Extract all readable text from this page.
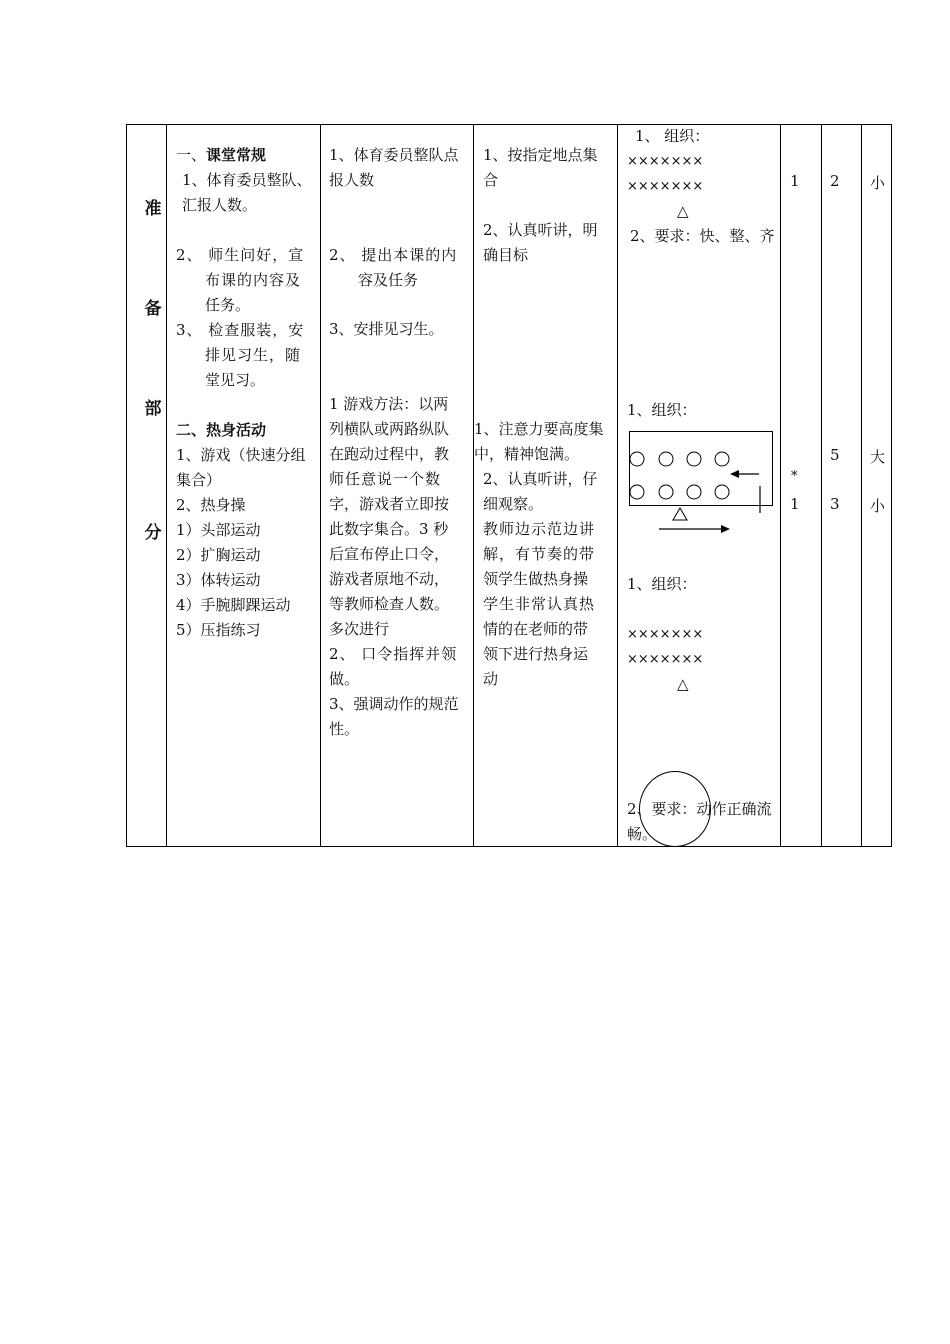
准
备
部
分

一、课堂常规

1、体育委员整队、

汇报人数。

2、 师生问好，宣

布课的内容及

任务。

3、 检查服装，安

排见习生，随

堂见习。

二、热身活动

1、游戏（快速分组

集合）

2、热身操

1）头部运动

2）扩胸运动

3）体转运动

4）手腕脚踝运动

5）压指练习

1、体育委员整队点

报人数

2、 提出本课的内

容及任务

3、安排见习生。

1 游戏方法：以两

列横队或两路纵队

在跑动过程中，教

师任意说一个数

字，游戏者立即按

此数字集合。3 秒

后宣布停止口令，

游戏者原地不动，

等教师检查人数。

多次进行

2、 口令指挥并领

做。

3、强调动作的规范

性。

1、按指定地点集

合

2、认真听讲，明

确目标

1、注意力要高度集

中，精神饱满。

2、认真听讲，仔

细观察。

教师边示范边讲

解，有节奏的带

领学生做热身操

学生非常认真热

情的在老师的带

领下进行热身运

动

1、 组织：

×××××××

×××××××

△

2、要求：快、整、齐

1、组织：

1、组织：

×××××××

×××××××

△

2、要求：动作正确流

畅。

1 2 小
5 大
*
1 3 小
